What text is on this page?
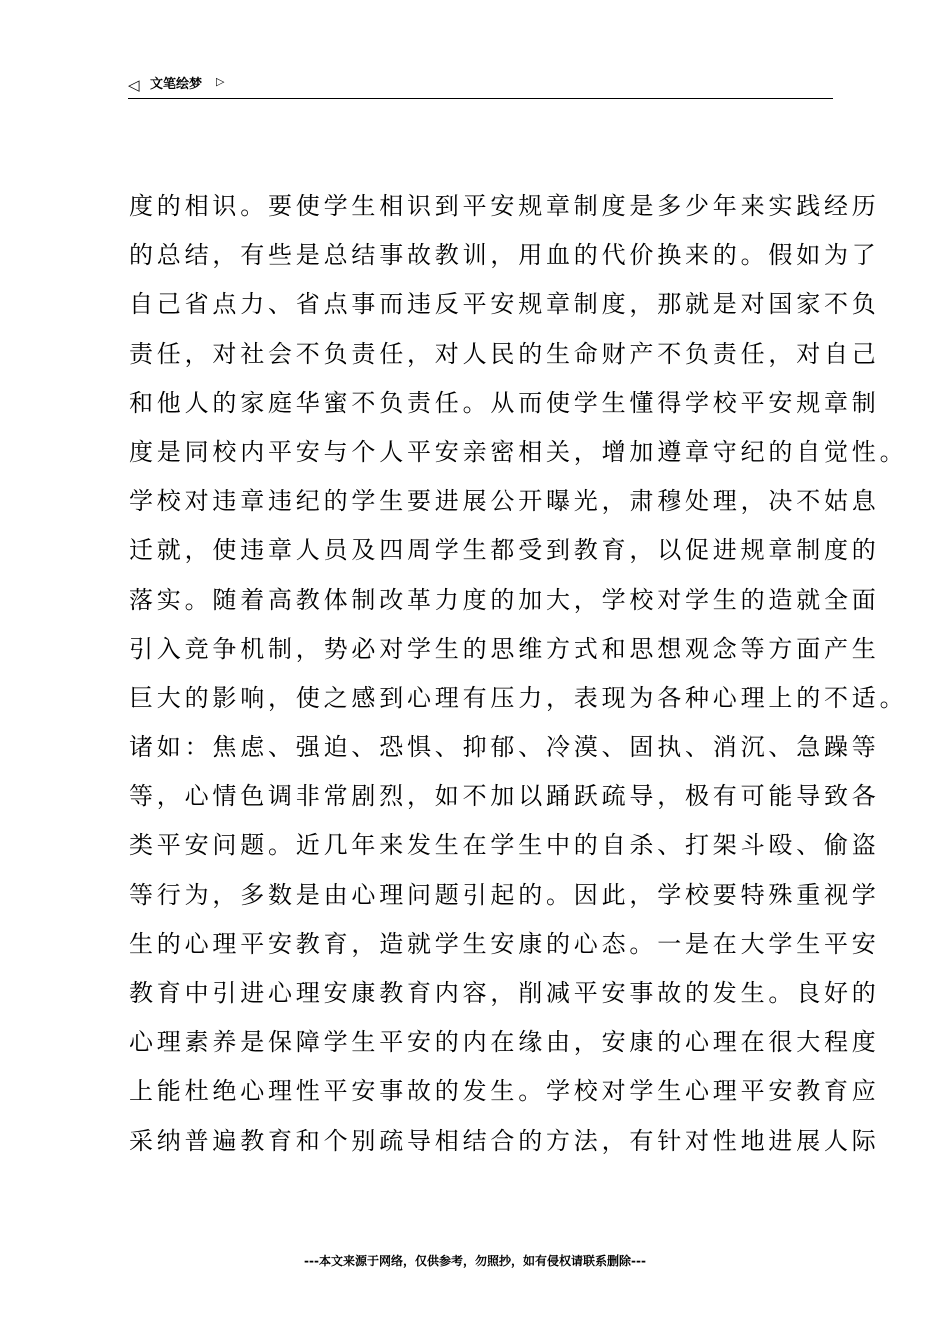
◁ 文笔绘梦 ▷
度的相识。要使学生相识到平安规章制度是多少年来实践经历
的总结，有些是总结事故教训，用血的代价换来的。假如为了
自己省点力、省点事而违反平安规章制度，那就是对国家不负
责任，对社会不负责任，对人民的生命财产不负责任，对自己
和他人的家庭华蜜不负责任。从而使学生懂得学校平安规章制
度是同校内平安与个人平安亲密相关，增加遵章守纪的自觉性。
学校对违章违纪的学生要进展公开曝光，肃穆处理，决不姑息
迁就，使违章人员及四周学生都受到教育，以促进规章制度的
落实。随着高教体制改革力度的加大，学校对学生的造就全面
引入竞争机制，势必对学生的思维方式和思想观念等方面产生
巨大的影响，使之感到心理有压力，表现为各种心理上的不适。
诸如：焦虑、强迫、恐惧、抑郁、冷漠、固执、消沉、急躁等
等，心情色调非常剧烈，如不加以踊跃疏导，极有可能导致各
类平安问题。近几年来发生在学生中的自杀、打架斗殴、偷盗
等行为，多数是由心理问题引起的。因此，学校要特殊重视学
生的心理平安教育，造就学生安康的心态。一是在大学生平安
教育中引进心理安康教育内容，削减平安事故的发生。良好的
心理素养是保障学生平安的内在缘由，安康的心理在很大程度
上能杜绝心理性平安事故的发生。学校对学生心理平安教育应
采纳普遍教育和个别疏导相结合的方法，有针对性地进展人际
---本文来源于网络，仅供参考，勿照抄，如有侵权请联系删除---
